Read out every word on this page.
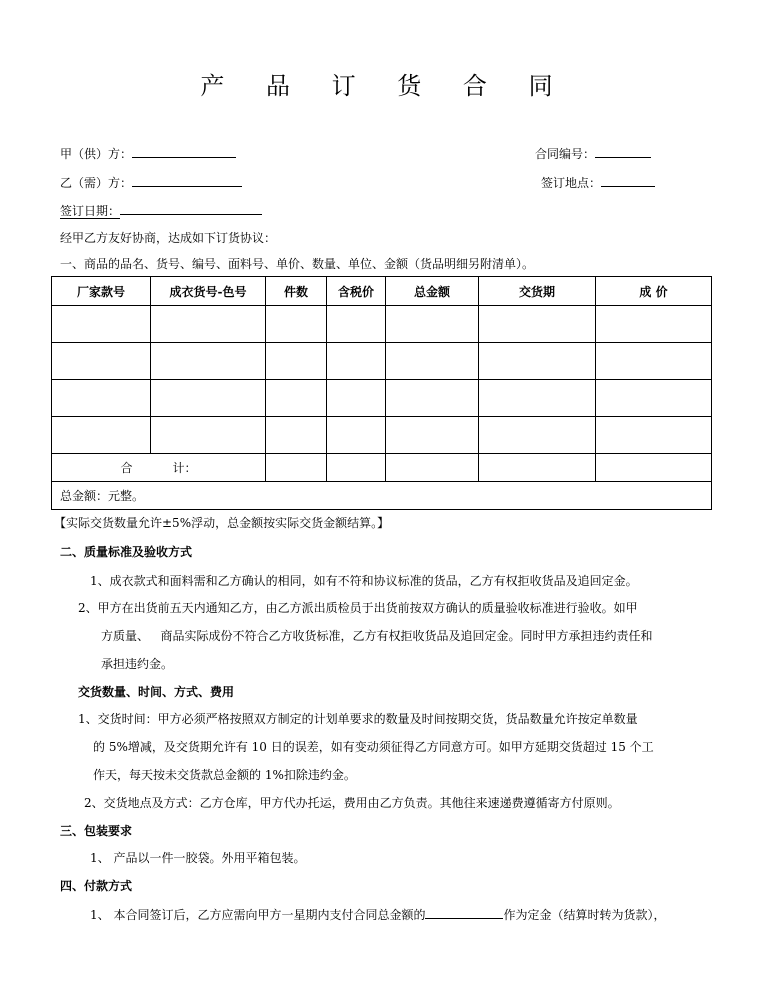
产 品 订 货 合 同
甲（供）方：	合同编号：
乙（需）方：	签订地点：
签订日期：
经甲乙方友好协商，达成如下订货协议：
一、商品的品名、货号、编号、面料号、单价、数量、单位、金额（货品明细另附清单）。
厂家款号	成衣货号-色号	件数	含税价	总金额	交货期	成 价

合 计：						
总金额：元整。						
【实际交货数量允许±5%浮动，总金额按实际交货金额结算。】
二、质量标准及验收方式
1、成衣款式和面料需和乙方确认的相同，如有不符和协议标准的货品，乙方有权拒收货品及追回定金。
2、甲方在出货前五天内通知乙方，由乙方派出质检员于出货前按双方确认的质量验收标准进行验收。如甲
方质量、   商品实际成份不符合乙方收货标准，乙方有权拒收货品及追回定金。同时甲方承担违约责任和
承担违约金。
交货数量、时间、方式、费用
1、交货时间：甲方必须严格按照双方制定的计划单要求的数量及时间按期交货，货品数量允许按定单数量
的 5%增减，及交货期允许有 10 日的误差，如有变动须征得乙方同意方可。如甲方延期交货超过 15 个工
作天，每天按未交货款总金额的 1%扣除违约金。
2、交货地点及方式：乙方仓库，甲方代办托运，费用由乙方负责。其他往来速递费遵循寄方付原则。
三、包装要求
1、 产品以一件一胶袋。外用平箱包装。
四、付款方式
1、 本合同签订后，乙方应需向甲方一星期内支付合同总金额的	作为定金（结算时转为货款），
